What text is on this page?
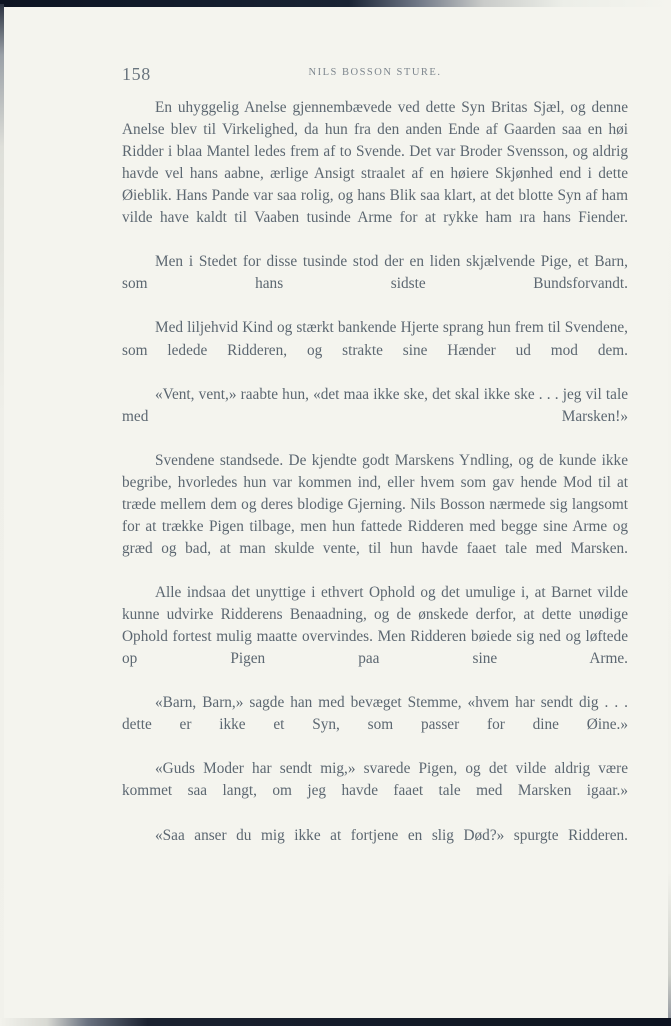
158	NILS BOSSON STURE.

En uhyggelig Anelse gjennembævede ved dette Syn Britas Sjæl, og denne Anelse blev til Virkelighed, da hun fra den anden Ende af Gaarden saa en høi Ridder i blaa Mantel ledes frem af to Svende. Det var Broder Svensson, og aldrig havde vel hans aabne, ærlige Ansigt straalet af en høiere Skjønhed end i dette Øieblik. Hans Pande var saa rolig, og hans Blik saa klart, at det blotte Syn af ham vilde have kaldt til Vaaben tusinde Arme for at rykke ham ıra hans Fiender.

Men i Stedet for disse tusinde stod der en liden skjælvende Pige, et Barn, som hans sidste Bundsforvandt.

Med liljehvid Kind og stærkt bankende Hjerte sprang hun frem til Svendene, som ledede Ridderen, og strakte sine Hænder ud mod dem.

«Vent, vent,» raabte hun, «det maa ikke ske, det skal ikke ske . . . jeg vil tale med Marsken!»

Svendene standsede. De kjendte godt Marskens Yndling, og de kunde ikke begribe, hvorledes hun var kommen ind, eller hvem som gav hende Mod til at træde mellem dem og deres blodige Gjerning. Nils Bosson nærmede sig langsomt for at trække Pigen tilbage, men hun fattede Ridderen med begge sine Arme og græd og bad, at man skulde vente, til hun havde faaet tale med Marsken.

Alle indsaa det unyttige i ethvert Ophold og det umulige i, at Barnet vilde kunne udvirke Ridderens Benaadning, og de ønskede derfor, at dette unødige Ophold fortest mulig maatte overvindes. Men Ridderen bøiede sig ned og løftede op Pigen paa sine Arme.

«Barn, Barn,» sagde han med bevæget Stemme, «hvem har sendt dig . . . dette er ikke et Syn, som passer for dine Øine.»

«Guds Moder har sendt mig,» svarede Pigen, og det vilde aldrig være kommet saa langt, om jeg havde faaet tale med Marsken igaar.»

«Saa anser du mig ikke at fortjene en slig Død?» spurgte Ridderen.
